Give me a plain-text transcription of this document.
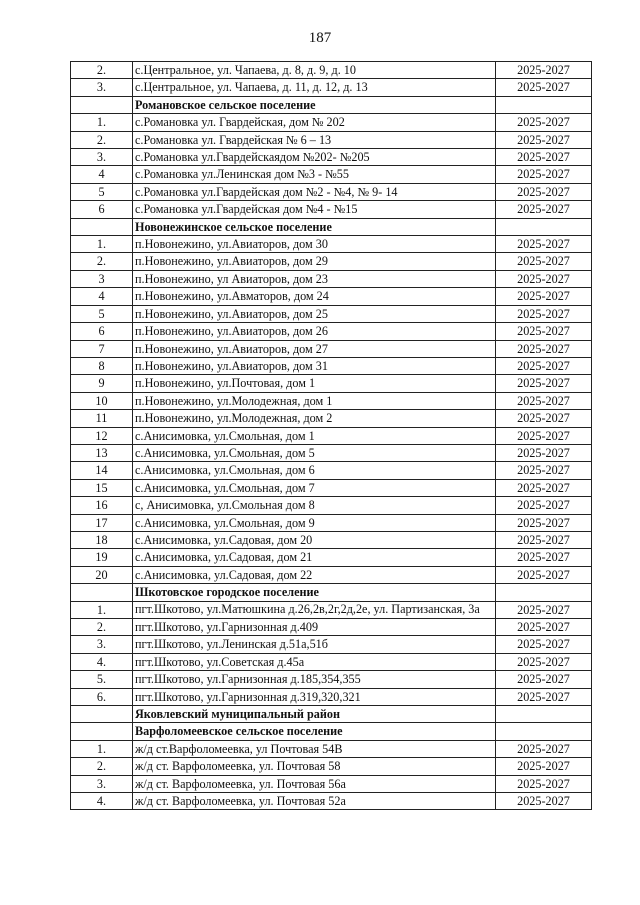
187
2.	с.Центральное, ул. Чапаева, д. 8, д. 9, д. 10	2025-2027
3.	с.Центральное, ул. Чапаева, д. 11, д. 12, д. 13	2025-2027
	Романовское сельское поселение	
1.	с.Романовка ул. Гвардейская, дом № 202	2025-2027
2.	с.Романовка ул. Гвардейская № 6 – 13	2025-2027
3.	с.Романовка ул.Гвардейскаядом №202- №205	2025-2027
4	с.Романовка ул.Ленинская дом №3 - №55	2025-2027
5	с.Романовка ул.Гвардейская дом №2 - №4, № 9- 14	2025-2027
6	с.Романовка ул.Гвардейская дом №4 - №15	2025-2027
	Новонежинское сельское поселение	
1.	п.Новонежино, ул.Авиаторов, дом 30	2025-2027
2.	п.Новонежино, ул.Авиаторов, дом 29	2025-2027
3	п.Новонежино, ул Авиаторов, дом 23	2025-2027
4	п.Новонежино, ул.Авматоров, дом 24	2025-2027
5	п.Новонежино, ул.Авиаторов, дом 25	2025-2027
6	п.Новонежино, ул.Авиаторов, дом 26	2025-2027
7	п.Новонежино, ул.Авиаторов, дом 27	2025-2027
8	п.Новонежино, ул.Авиаторов, дом 31	2025-2027
9	п.Новонежино, ул.Почтовая, дом 1	2025-2027
10	п.Новонежино, ул.Молодежная, дом 1	2025-2027
11	п.Новонежино, ул.Молодежная, дом 2	2025-2027
12	с.Анисимовка, ул.Смольная, дом 1	2025-2027
13	с.Анисимовка, ул.Смольная, дом 5	2025-2027
14	с.Анисимовка, ул.Смольная, дом 6	2025-2027
15	с.Анисимовка, ул.Смольная, дом 7	2025-2027
16	с, Анисимовка, ул.Смольная дом 8	2025-2027
17	с.Анисимовка, ул.Смольная, дом 9	2025-2027
18	с.Анисимовка, ул.Садовая, дом 20	2025-2027
19	с.Анисимовка, ул.Садовая, дом 21	2025-2027
20	с.Анисимовка, ул.Садовая, дом 22	2025-2027
	Шкотовское городское поселение	
1.	пгт.Шкотово, ул.Матюшкина д.26,2в,2г,2д,2е, ул. Партизанская, 3а	2025-2027
2.	пгт.Шкотово, ул.Гарнизонная д.409	2025-2027
3.	пгт.Шкотово, ул.Ленинская д.51а,51б	2025-2027
4.	пгт.Шкотово, ул.Советская д.45а	2025-2027
5.	пгт.Шкотово, ул.Гарнизонная д.185,354,355	2025-2027
6.	пгт.Шкотово, ул.Гарнизонная д.319,320,321	2025-2027
	Яковлевский муниципальный район	
	Варфоломеевское сельское поселение	
1.	ж/д ст.Варфоломеевка, ул Почтовая 54В	2025-2027
2.	ж/д ст. Варфоломеевка, ул. Почтовая 58	2025-2027
3.	ж/д ст. Варфоломеевка, ул. Почтовая 56а	2025-2027
4.	ж/д ст. Варфоломеевка, ул. Почтовая 52а	2025-2027
